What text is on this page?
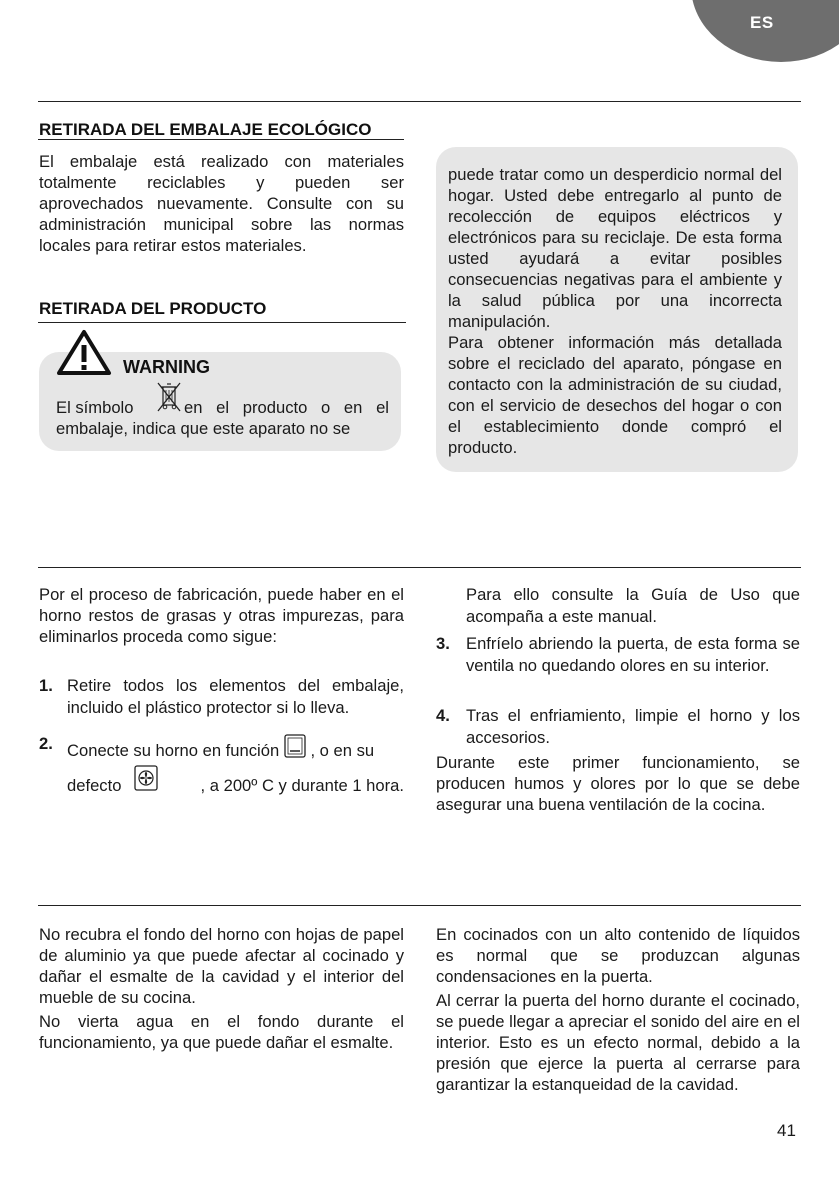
ES
RETIRADA DEL EMBALAJE ECOLÓGICO

El embalaje está realizado con materiales totalmente reciclables y pueden ser aprovechados nuevamente. Consulte con su administración municipal sobre las normas locales para retirar estos materiales.

RETIRADA DEL PRODUCTO
WARNING
El símbolo	en el producto o en el embalaje, indica que este aparato no se

puede tratar como un desperdicio normal del hogar. Usted debe entregarlo al punto de recolección de equipos eléctricos y electrónicos para su reciclaje. De esta forma usted ayudará a evitar posibles consecuencias negativas para el ambiente y la salud pública por una incorrecta manipulación.

Para obtener información más detallada sobre el reciclado del aparato, póngase en contacto con la administración de su ciudad, con el servicio de desechos del hogar o con el establecimiento donde compró el producto.

Por el proceso de fabricación, puede haber en el horno restos de grasas y otras impurezas, para eliminarlos proceda como sigue:

1. Retire todos los elementos del embalaje, incluido el plástico protector si lo lleva.
2. Conecte su horno en función , o en su
defecto	, a 200º C y durante 1 hora.

Para ello consulte la Guía de Uso que acompaña a este manual.

3. Enfríelo abriendo la puerta, de esta forma se ventila no quedando olores en su interior.
4. Tras el enfriamiento, limpie el horno y los accesorios.

Durante este primer funcionamiento, se producen humos y olores por lo que se debe asegurar una buena ventilación de la cocina.

No recubra el fondo del horno con hojas de papel de aluminio ya que puede afectar al cocinado y dañar el esmalte de la cavidad y el interior del mueble de su cocina.

No vierta agua en el fondo durante el funcionamiento, ya que puede dañar el esmalte.

En cocinados con un alto contenido de líquidos es normal que se produzcan algunas condensaciones en la puerta.

Al cerrar la puerta del horno durante el cocinado, se puede llegar a apreciar el sonido del aire en el interior. Esto es un efecto normal, debido a la presión que ejerce la puerta al cerrarse para garantizar la estanqueidad de la cavidad.

41
